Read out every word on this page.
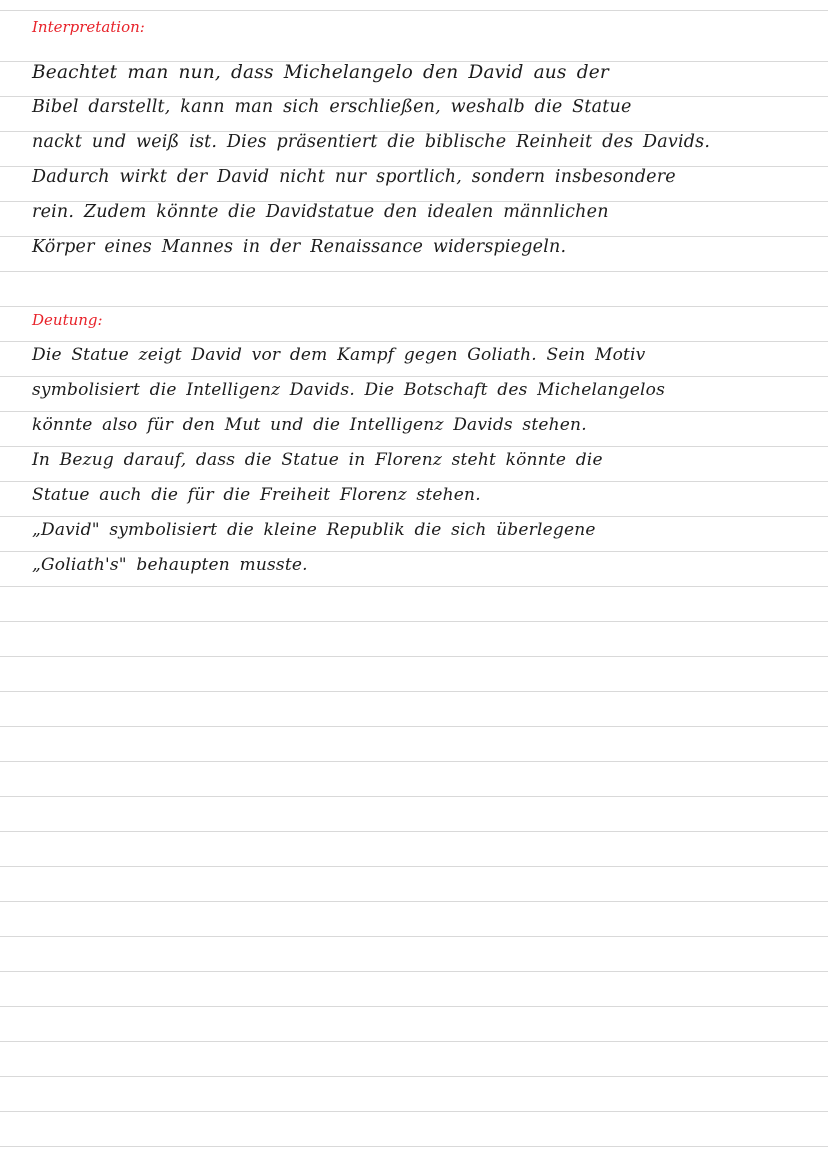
Interpretation:

Beachtet man nun, dass Michelangelo den David aus der

Bibel darstellt, kann man sich erschließen, weshalb die Statue

nackt und weiß ist. Dies präsentiert die biblische Reinheit des Davids.

Dadurch wirkt der David nicht nur sportlich, sondern insbesondere

rein. Zudem könnte die Davidstatue den idealen männlichen

Körper eines Mannes in der Renaissance widerspiegeln.

Deutung:

Die Statue zeigt David vor dem Kampf gegen Goliath. Sein Motiv

symbolisiert die Intelligenz Davids. Die Botschaft des Michelangelos

könnte also für den Mut und die Intelligenz Davids stehen.

In Bezug darauf, dass die Statue in Florenz steht könnte die

Statue auch die für die Freiheit Florenz stehen.

„David" symbolisiert die kleine Republik die sich überlegene

„Goliath's" behaupten musste.
